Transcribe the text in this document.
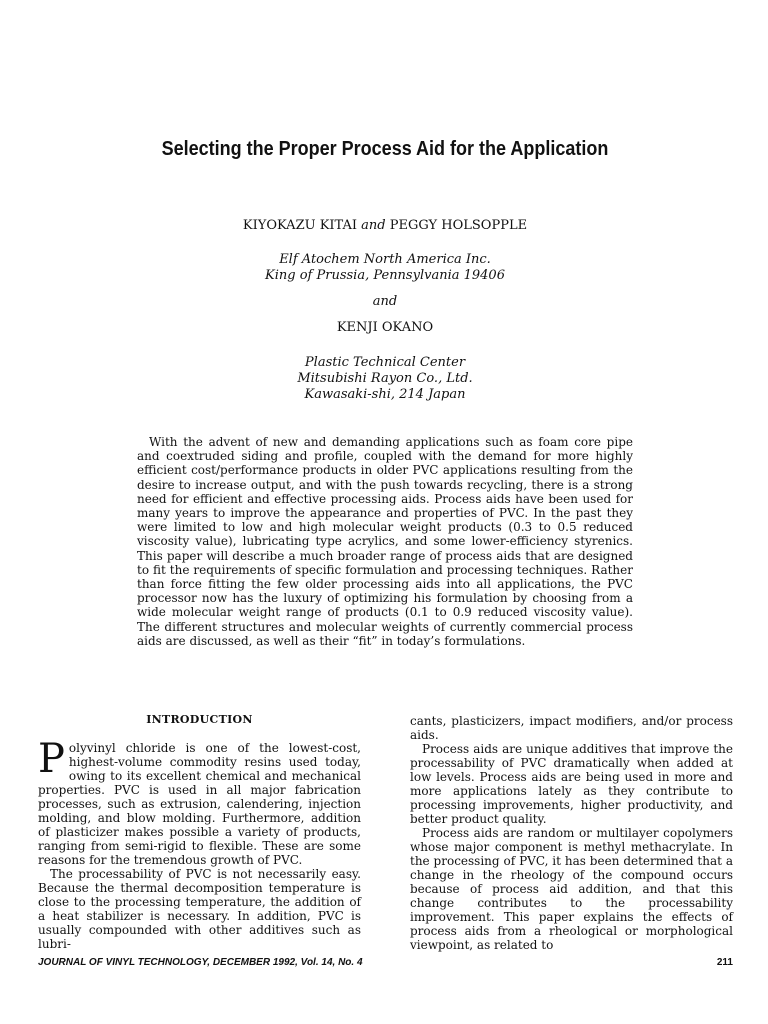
Selecting the Proper Process Aid for the Application
KIYOKAZU KITAI and PEGGY HOLSOPPLE
Elf Atochem North America Inc.
King of Prussia, Pennsylvania 19406
and
KENJI OKANO
Plastic Technical Center
Mitsubishi Rayon Co., Ltd.
Kawasaki-shi, 214 Japan
With the advent of new and demanding applications such as foam core pipe and coextruded siding and profile, coupled with the demand for more highly efficient cost/performance products in older PVC applications resulting from the desire to increase output, and with the push towards recycling, there is a strong need for efficient and effective processing aids. Process aids have been used for many years to improve the appearance and properties of PVC. In the past they were limited to low and high molecular weight products (0.3 to 0.5 reduced viscosity value), lubricating type acrylics, and some lower-efficiency styrenics. This paper will describe a much broader range of process aids that are designed to fit the requirements of specific formulation and processing techniques. Rather than force fitting the few older processing aids into all applications, the PVC processor now has the luxury of optimizing his formulation by choosing from a wide molecular weight range of products (0.1 to 0.9 reduced viscosity value). The different structures and molecular weights of currently commercial process aids are discussed, as well as their “fit” in today’s formulations.
INTRODUCTION

Polyvinyl chloride is one of the lowest-cost, highest-volume commodity resins used today, owing to its excellent chemical and mechanical properties. PVC is used in all major fabrication processes, such as extrusion, calendering, injection molding, and blow molding. Furthermore, addition of plasticizer makes possible a variety of products, ranging from semi-rigid to flexible. These are some reasons for the tremendous growth of PVC.

The processability of PVC is not necessarily easy. Because the thermal decomposition temperature is close to the processing temperature, the addition of a heat stabilizer is necessary. In addition, PVC is usually compounded with other additives such as lubri-

cants, plasticizers, impact modifiers, and/or process aids.

Process aids are unique additives that improve the processability of PVC dramatically when added at low levels. Process aids are being used in more and more applications lately as they contribute to processing improvements, higher productivity, and better product quality.

Process aids are random or multilayer copolymers whose major component is methyl methacrylate. In the processing of PVC, it has been determined that a change in the rheology of the compound occurs because of process aid addition, and that this change contributes to the processability improvement. This paper explains the effects of process aids from a rheological or morphological viewpoint, as related to

JOURNAL OF VINYL TECHNOLOGY, DECEMBER 1992, Vol. 14, No. 4	211
